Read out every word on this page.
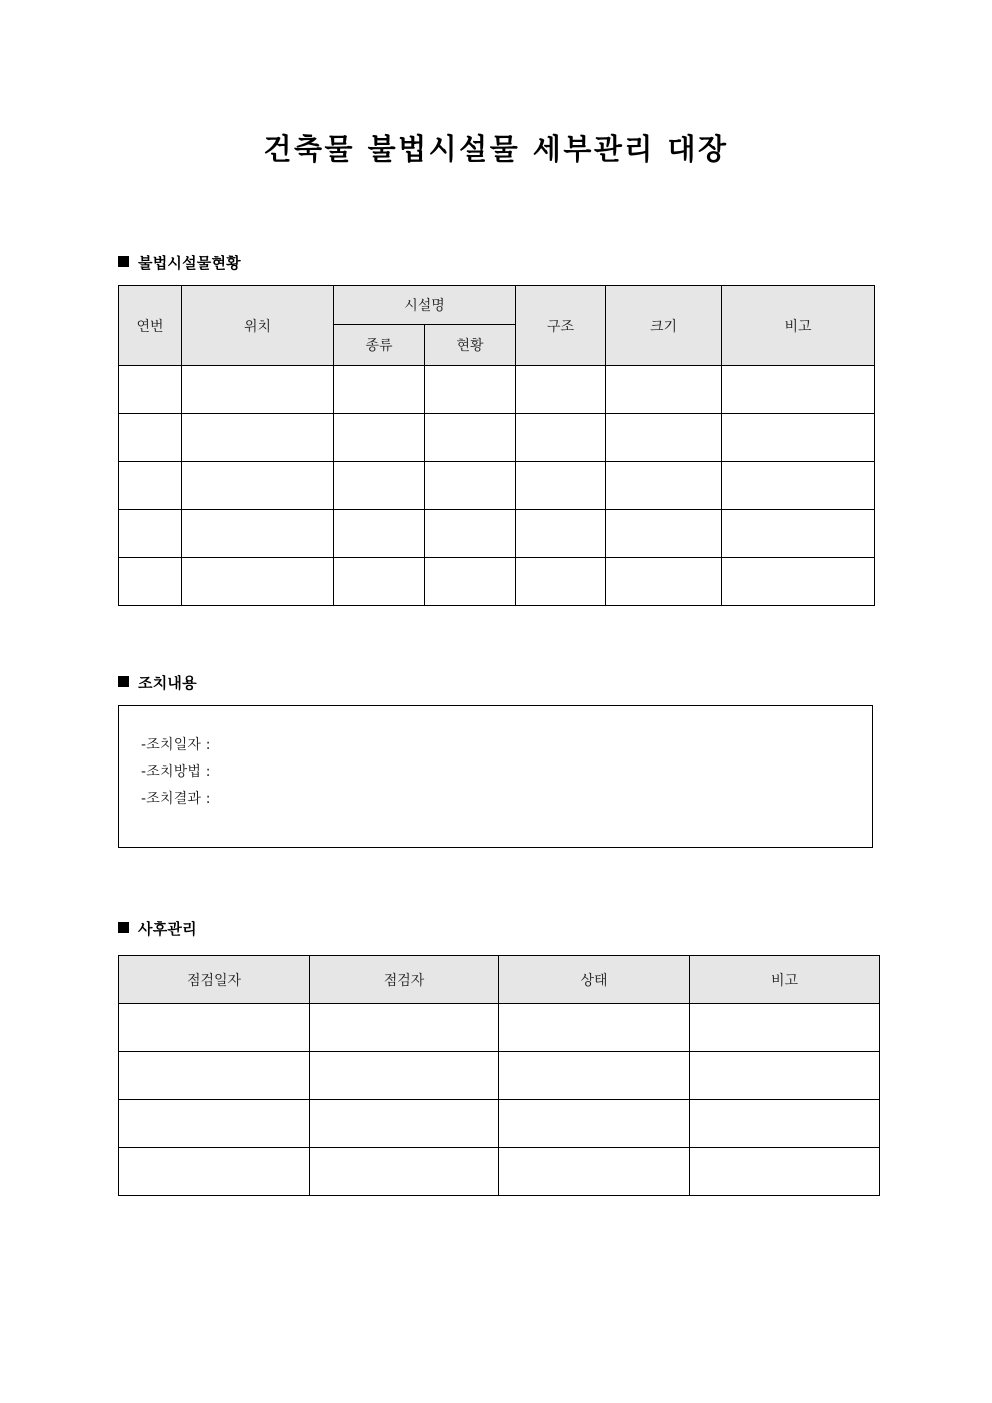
건축물 불법시설물 세부관리 대장
불법시설물현황
연번	위치	시설명		구조	크기	비고
		종류	현황			

조치내용
-조치일자 :
-조치방법 :
-조치결과 :
사후관리
점검일자	점검자	상태	비고
